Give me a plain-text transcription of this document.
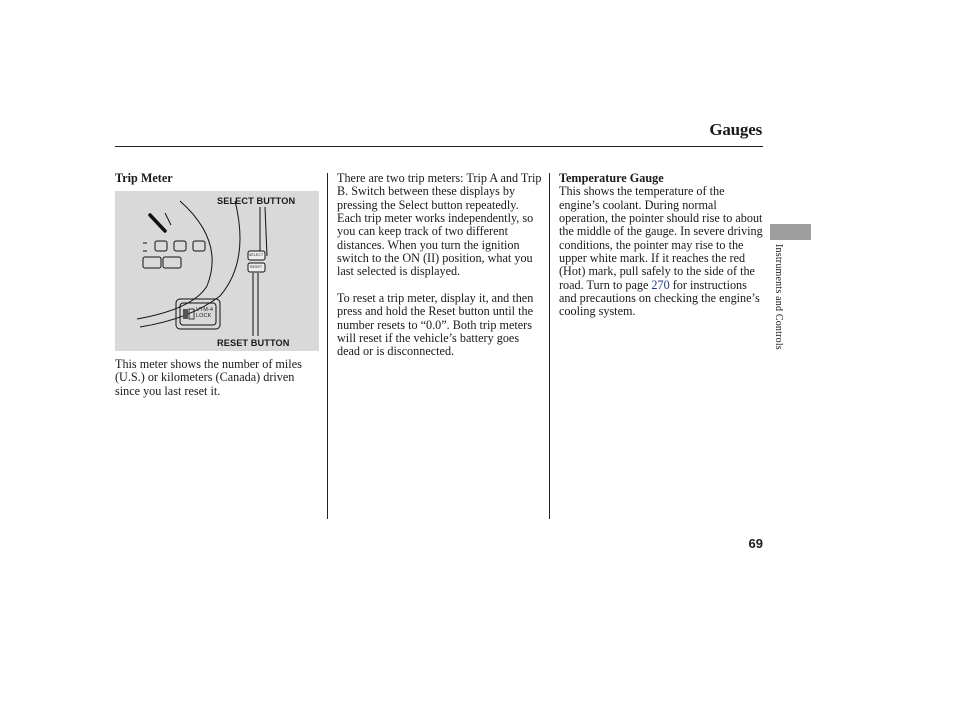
Gauges

Trip Meter

SELECT BUTTON
RESET BUTTON
SELECT
RESET
VTM-4
LOCK

This meter shows the number of miles (U.S.) or kilometers (Canada) driven since you last reset it.

There are two trip meters: Trip A and Trip B. Switch between these displays by pressing the Select button repeatedly. Each trip meter works independently, so you can keep track of two different distances. When you turn the ignition switch to the ON (II) position, what you last selected is displayed.

To reset a trip meter, display it, and then press and hold the Reset button until the number resets to “0.0”. Both trip meters will reset if the vehicle’s battery goes dead or is disconnected.

Temperature Gauge

This shows the temperature of the engine’s coolant. During normal operation, the pointer should rise to about the middle of the gauge. In severe driving conditions, the pointer may rise to the upper white mark. If it reaches the red (Hot) mark, pull safely to the side of the road. Turn to page 270 for instructions and precautions on checking the engine’s cooling system.	Instruments and Controls
69
